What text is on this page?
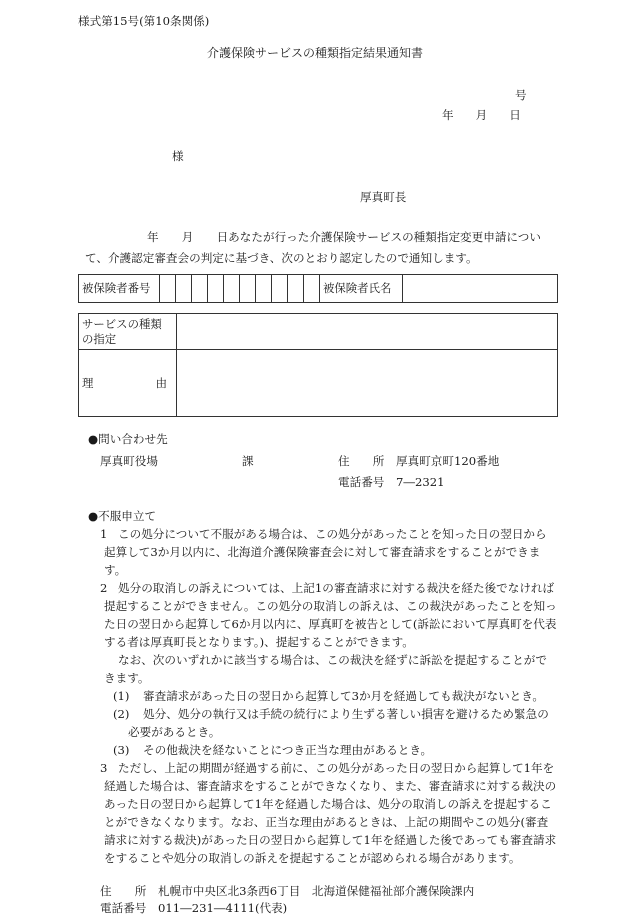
様式第15号(第10条関係)
介護保険サービスの種類指定結果通知書
号
年 月 日
様
厚真町長
年　　月　　日あなたが行った介護保険サービスの種類指定変更申請について、介護認定審査会の判定に基づき、次のとおり認定したので通知します。
被保険者番号											被保険者氏名	
サービスの種類の指定	

理 由	

●問い合わせ先
厚真町役場	課	住　　所 厚真町京町120番地
電話番号 7―2321
●不服申立て

1 この処分について不服がある場合は、この処分があったことを知った日の翌日から起算して3か月以内に、北海道介護保険審査会に対して審査請求をすることができます。

2 処分の取消しの訴えについては、上記1の審査請求に対する裁決を経た後でなければ提起することができません。この処分の取消しの訴えは、この裁決があったことを知った日の翌日から起算して6か月以内に、厚真町を被告として(訴訟において厚真町を代表する者は厚真町長となります。)、提起することができます。

なお、次のいずれかに該当する場合は、この裁決を経ずに訴訟を提起することができます。

(1) 審査請求があった日の翌日から起算して3か月を経過しても裁決がないとき。

(2) 処分、処分の執行又は手続の続行により生ずる著しい損害を避けるため緊急の必要があるとき。

(3) その他裁決を経ないことにつき正当な理由があるとき。

3 ただし、上記の期間が経過する前に、この処分があった日の翌日から起算して1年を経過した場合は、審査請求をすることができなくなり、また、審査請求に対する裁決のあった日の翌日から起算して1年を経過した場合は、処分の取消しの訴えを提起することができなくなります。なお、正当な理由があるときは、上記の期間やこの処分(審査請求に対する裁決)があった日の翌日から起算して1年を経過した後であっても審査請求をすることや処分の取消しの訴えを提起することが認められる場合があります。

住　　所 札幌市中央区北3条西6丁目　北海道保健福祉部介護保険課内
電話番号 011―231―4111(代表)
